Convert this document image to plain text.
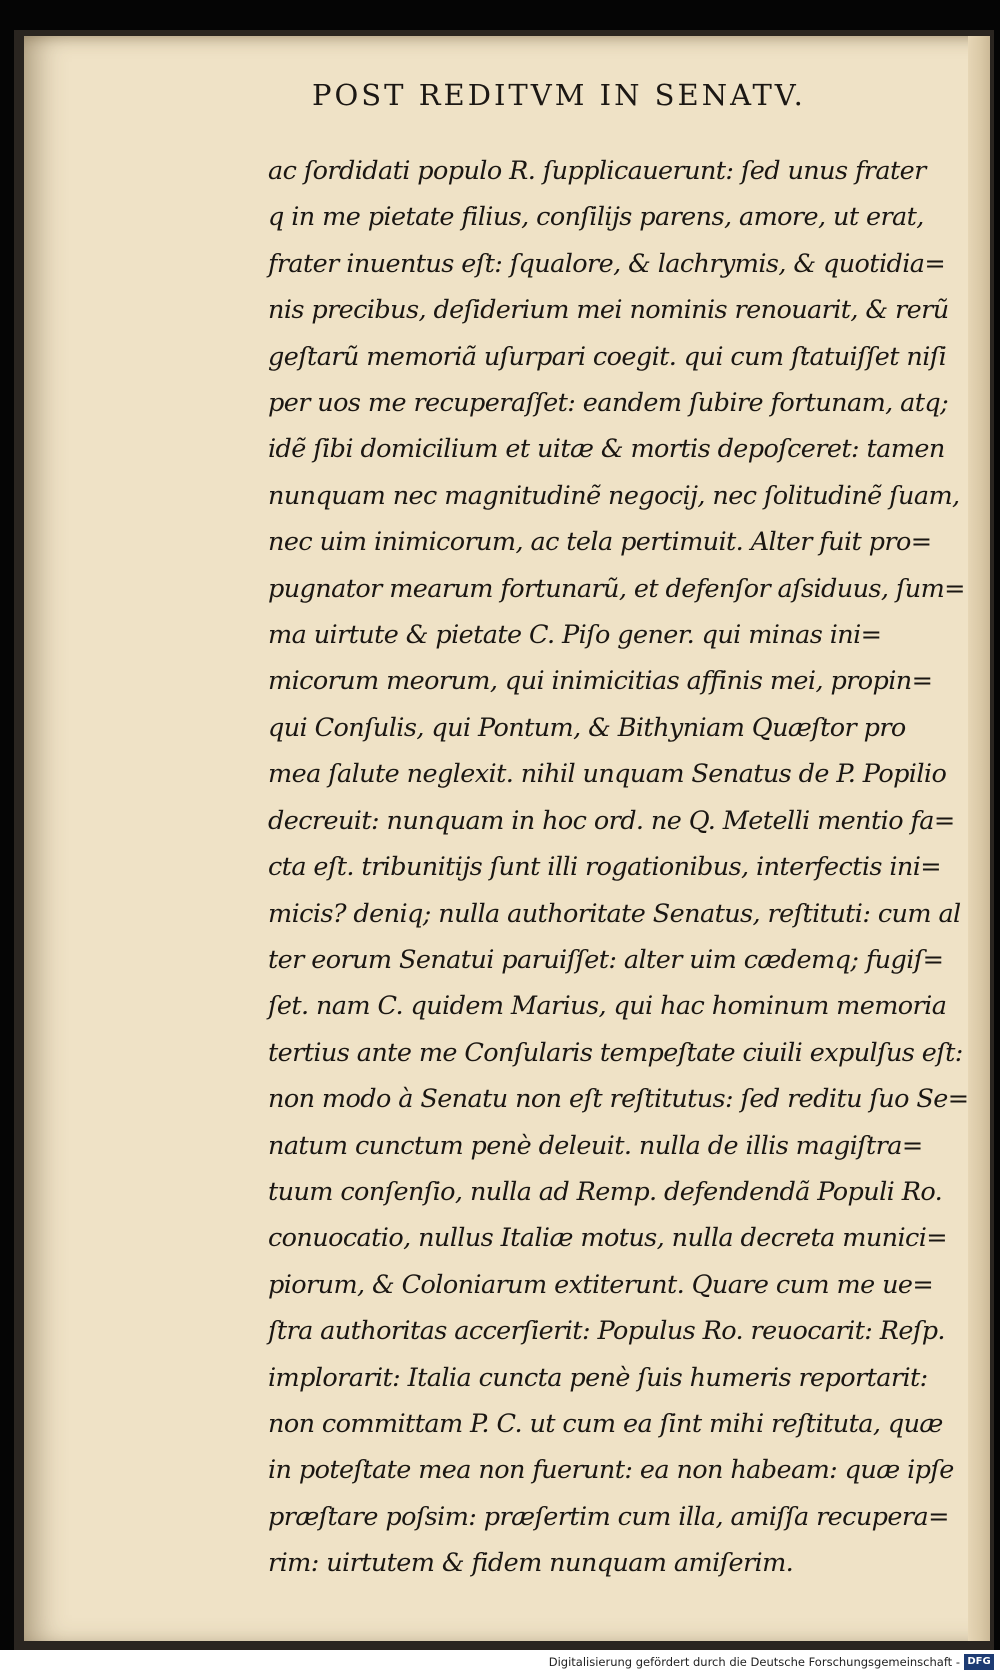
POST REDITVM IN SENATV.
ac ſordidati populo R. ſupplicauerunt: ſed unus frater
q in me pietate filius, conſilijs parens, amore, ut erat,
frater inuentus eſt: ſqualore, & lachrymis, & quotidia=
nis precibus, deſiderium mei nominis renouarit, & rerũ
geſtarũ memoriã uſurpari coegit. qui cum ſtatuiſſet niſi
per uos me recuperaſſet: eandem ſubire fortunam, atq;
idẽ ſibi domicilium et uitæ & mortis depoſceret: tamen
nunquam nec magnitudinẽ negocij, nec ſolitudinẽ ſuam,
nec uim inimicorum, ac tela pertimuit. Alter fuit pro=
pugnator mearum fortunarũ, et defenſor aſsiduus, ſum=
ma uirtute & pietate C. Piſo gener. qui minas ini=
micorum meorum, qui inimicitias affinis mei, propin=
qui Conſulis, qui Pontum, & Bithyniam Quæſtor pro
mea ſalute neglexit. nihil unquam Senatus de P. Popilio
decreuit: nunquam in hoc ord. ne Q. Metelli mentio fa=
cta eſt. tribunitijs ſunt illi rogationibus, interfectis ini=
micis? deniq; nulla authoritate Senatus, reſtituti: cum al
ter eorum Senatui paruiſſet: alter uim cædemq; fugiſ=
ſet. nam C. quidem Marius, qui hac hominum memoria
tertius ante me Conſularis tempeſtate ciuili expulſus eſt:
non modo à Senatu non eſt reſtitutus: ſed reditu ſuo Se=
natum cunctum penè deleuit. nulla de illis magiſtra=
tuum conſenſio, nulla ad Remp. defendendã Populi Ro.
conuocatio, nullus Italiæ motus, nulla decreta munici=
piorum, & Coloniarum extiterunt. Quare cum me ue=
ſtra authoritas accerſierit: Populus Ro. reuocarit: Reſp.
implorarit: Italia cuncta penè ſuis humeris reportarit:
non committam P. C. ut cum ea ſint mihi reſtituta, quæ
in poteſtate mea non fuerunt: ea non habeam: quæ ipſe
præſtare poſsim: præſertim cum illa, amiſſa recupera=
rim: uirtutem & fidem nunquam amiſerim.
Digitalisierung gefördert durch die Deutsche Forschungsgemeinschaft - DFG
